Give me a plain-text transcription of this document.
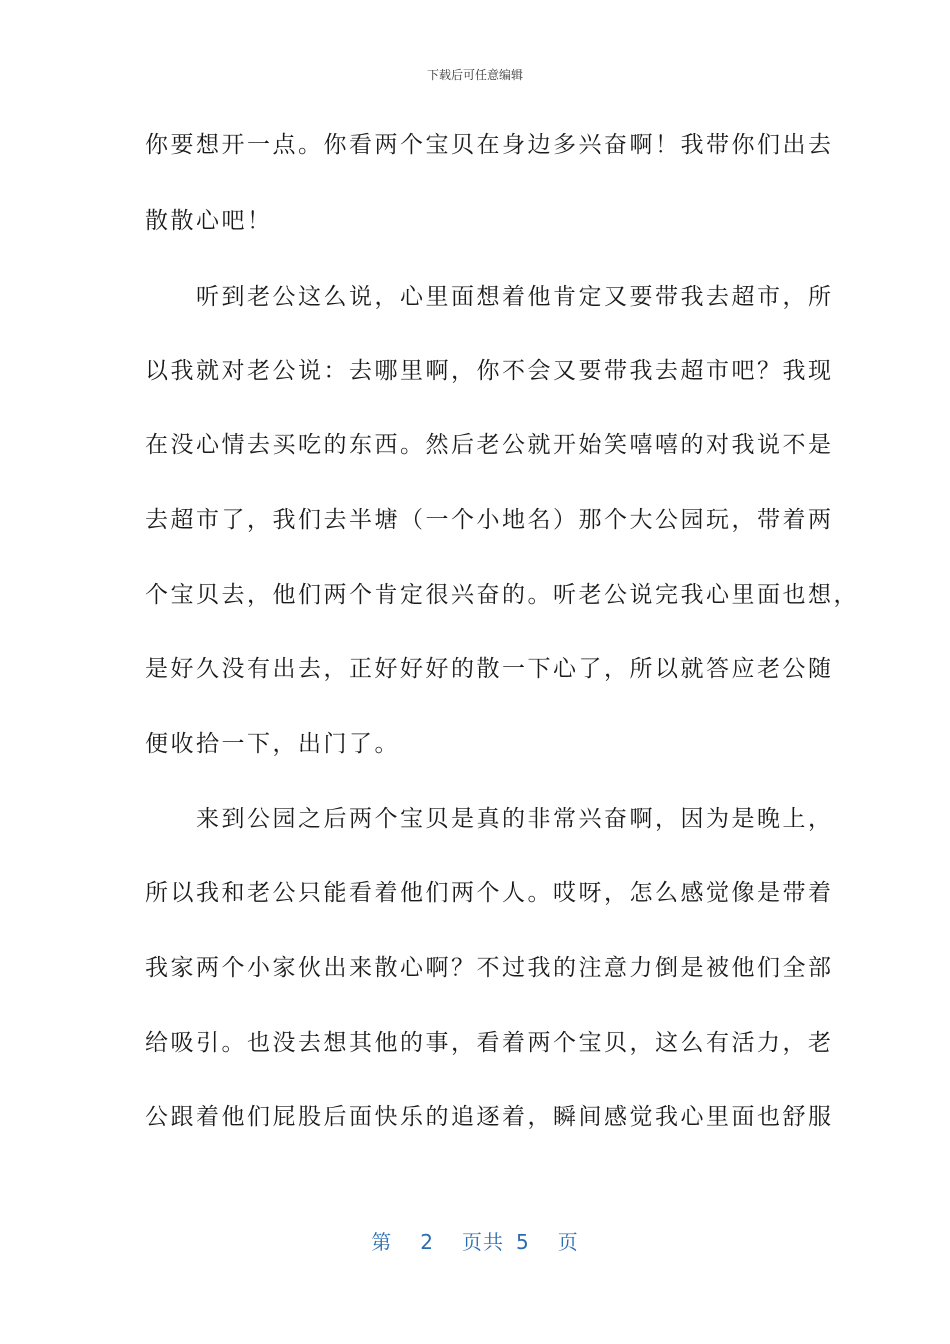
下载后可任意编辑
你要想开一点。你看两个宝贝在身边多兴奋啊！我带你们出去
散散心吧！
　　听到老公这么说，心里面想着他肯定又要带我去超市，所
以我就对老公说：去哪里啊，你不会又要带我去超市吧？我现
在没心情去买吃的东西。然后老公就开始笑嘻嘻的对我说不是
去超市了，我们去半塘（一个小地名）那个大公园玩，带着两
个宝贝去，他们两个肯定很兴奋的。听老公说完我心里面也想，
是好久没有出去，正好好好的散一下心了，所以就答应老公随
便收拾一下，出门了。
　　来到公园之后两个宝贝是真的非常兴奋啊，因为是晚上，
所以我和老公只能看着他们两个人。哎呀，怎么感觉像是带着
我家两个小家伙出来散心啊？不过我的注意力倒是被他们全部
给吸引。也没去想其他的事，看着两个宝贝，这么有活力，老
公跟着他们屁股后面快乐的追逐着，瞬间感觉我心里面也舒服
第 2 页共 5 页
